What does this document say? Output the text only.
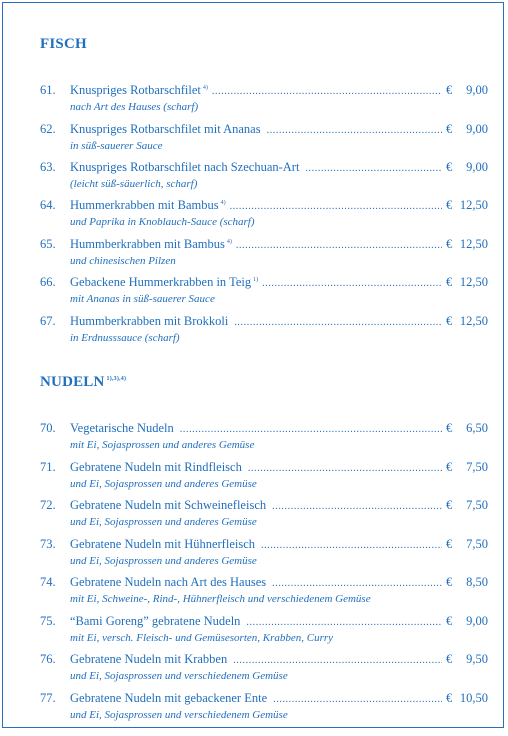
FISCH
61.	Knuspriges Rotbarschfilet $^{4)}$ .....	€ 9,00
nach Art des Hauses (scharf)
62.	Knuspriges Rotbarschfilet mit Ananas .....	€ 9,00
in süß-sauerer Sauce
63.	Knuspriges Rotbarschfilet nach Szechuan-Art .....	€ 9,00
(leicht süß-säuerlich, scharf)
64.	Hummerkrabben mit Bambus $^{4)}$ .....	€ 12,50
und Paprika in Knoblauch-Sauce (scharf)
65.	Hummberkrabben mit Bambus $^{4)}$ .....	€ 12,50
und chinesischen Pilzen
66.	Gebackene Hummerkrabben in Teig $^{1)}$ .....	€ 12,50
mit Ananas in süß-sauerer Sauce
67.	Hummberkrabben mit Brokkoli .....	€ 12,50
in Erdnusssauce (scharf)
NUDELN $^{1),3),4)}$
70.	Vegetarische Nudeln .....	€ 6,50
mit Ei, Sojasprossen und anderes Gemüse
71.	Gebratene Nudeln mit Rindfleisch .....	€ 7,50
und Ei, Sojasprossen und anderes Gemüse
72.	Gebratene Nudeln mit Schweinefleisch .....	€ 7,50
und Ei, Sojasprossen und anderes Gemüse
73.	Gebratene Nudeln mit Hühnerfleisch .....	€ 7,50
und Ei, Sojasprossen und anderes Gemüse
74.	Gebratene Nudeln nach Art des Hauses .....	€ 8,50
mit Ei, Schweine-, Rind-, Hühnerfleisch und verschiedenem Gemüse
75.	“Bami Goreng” gebratene Nudeln .....	€ 9,00
mit Ei, versch. Fleisch- und Gemüsesorten, Krabben, Curry
76.	Gebratene Nudeln mit Krabben .....	€ 9,50
und Ei, Sojasprossen und verschiedenem Gemüse
77.	Gebratene Nudeln mit gebackener Ente .....	€ 10,50
und Ei, Sojasprossen und verschiedenem Gemüse
